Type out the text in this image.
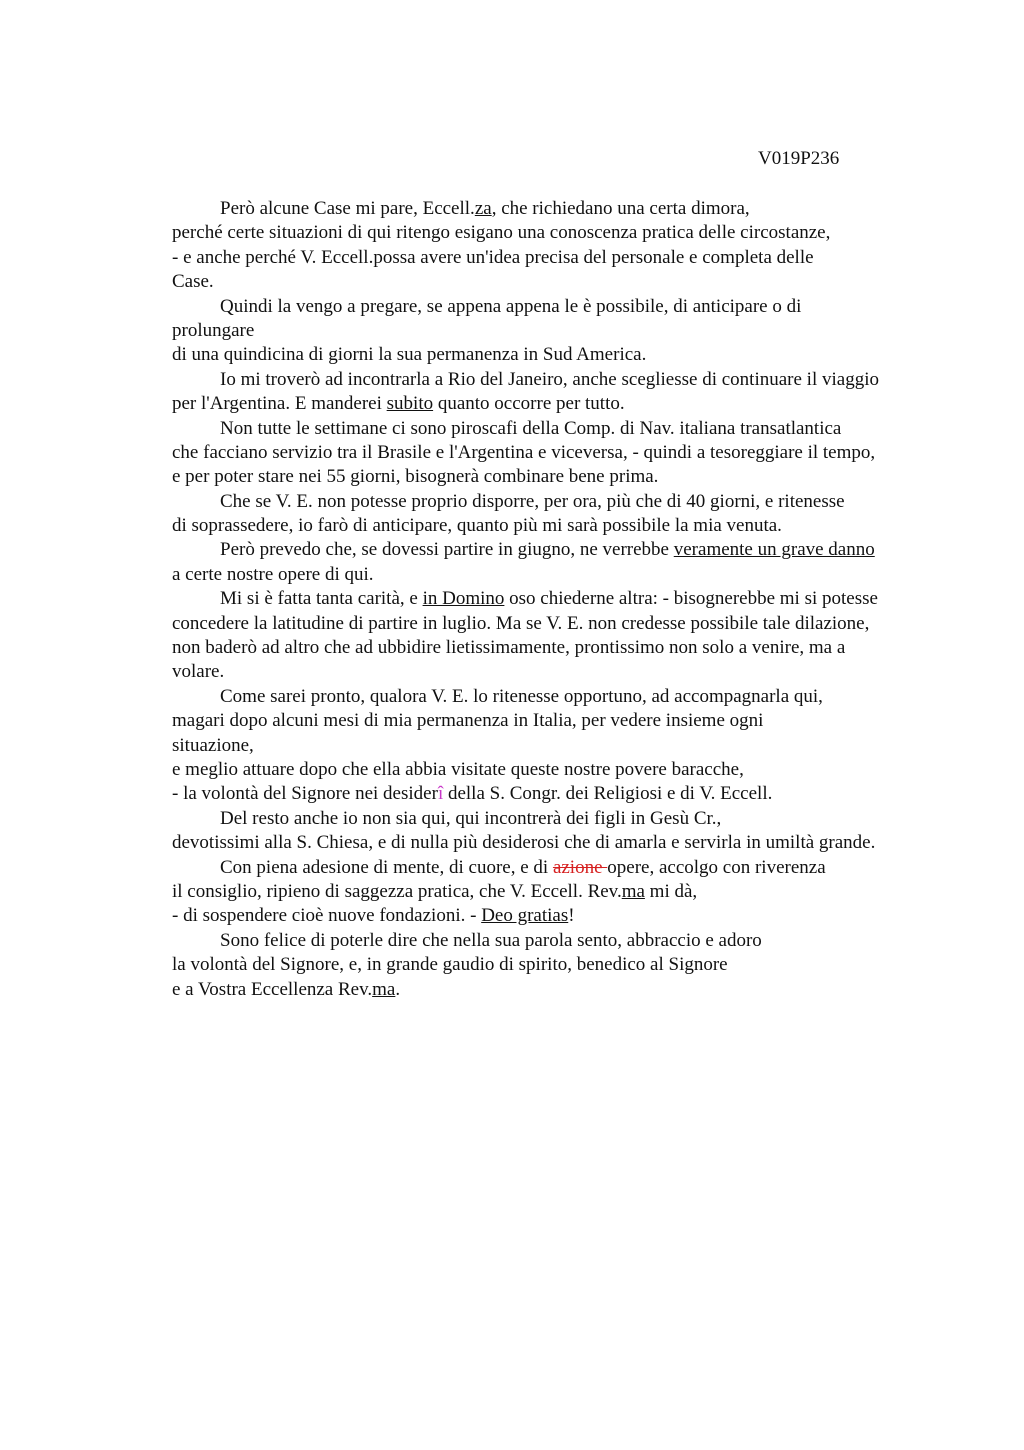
V019P236
Però alcune Case mi pare, Eccell.za, che richiedano una certa dimora,
perché certe situazioni di qui ritengo esigano una conoscenza pratica delle circostanze,
- e anche perché V. Eccell.possa avere un'idea precisa del personale e completa delle
Case.
Quindi la vengo a pregare, se appena appena le è possibile, di anticipare o di
prolungare
di una quindicina di giorni la sua permanenza in Sud America.
Io mi troverò ad incontrarla a Rio del Janeiro, anche scegliesse di continuare il viaggio
per l'Argentina. E manderei subito quanto occorre per tutto.
Non tutte le settimane ci sono piroscafi della Comp. di Nav. italiana transatlantica
che facciano servizio tra il Brasile e l'Argentina e viceversa, - quindi a tesoreggiare il tempo,
e per poter stare nei 55 giorni, bisognerà combinare bene prima.
Che se V. E. non potesse proprio disporre, per ora, più che di 40 giorni, e ritenesse
di soprassedere, io farò di anticipare, quanto più mi sarà possibile la mia venuta.
Però prevedo che, se dovessi partire in giugno, ne verrebbe veramente un grave danno
a certe nostre opere di qui.
Mi si è fatta tanta carità, e in Domino oso chiederne altra: - bisognerebbe mi si potesse
concedere la latitudine di partire in luglio. Ma se V. E. non credesse possibile tale dilazione,
non baderò ad altro che ad ubbidire lietissimamente, prontissimo non solo a venire, ma a
volare.
Come sarei pronto, qualora V. E. lo ritenesse opportuno, ad accompagnarla qui,
magari dopo alcuni mesi di mia permanenza in Italia, per vedere insieme ogni
situazione,
e meglio attuare dopo che ella abbia visitate queste nostre povere baracche,
- la volontà del Signore nei desiderî della S. Congr. dei Religiosi e di V. Eccell.
Del resto anche io non sia qui, qui incontrerà dei figli in Gesù Cr.,
devotissimi alla S. Chiesa, e di nulla più desiderosi che di amarla e servirla in umiltà grande.
Con piena adesione di mente, di cuore, e di azione opere, accolgo con riverenza
il consiglio, ripieno di saggezza pratica, che V. Eccell. Rev.ma mi dà,
- di sospendere cioè nuove fondazioni. - Deo gratias!
Sono felice di poterle dire che nella sua parola sento, abbraccio e adoro
la volontà del Signore, e, in grande gaudio di spirito, benedico al Signore
e a Vostra Eccellenza Rev.ma.
